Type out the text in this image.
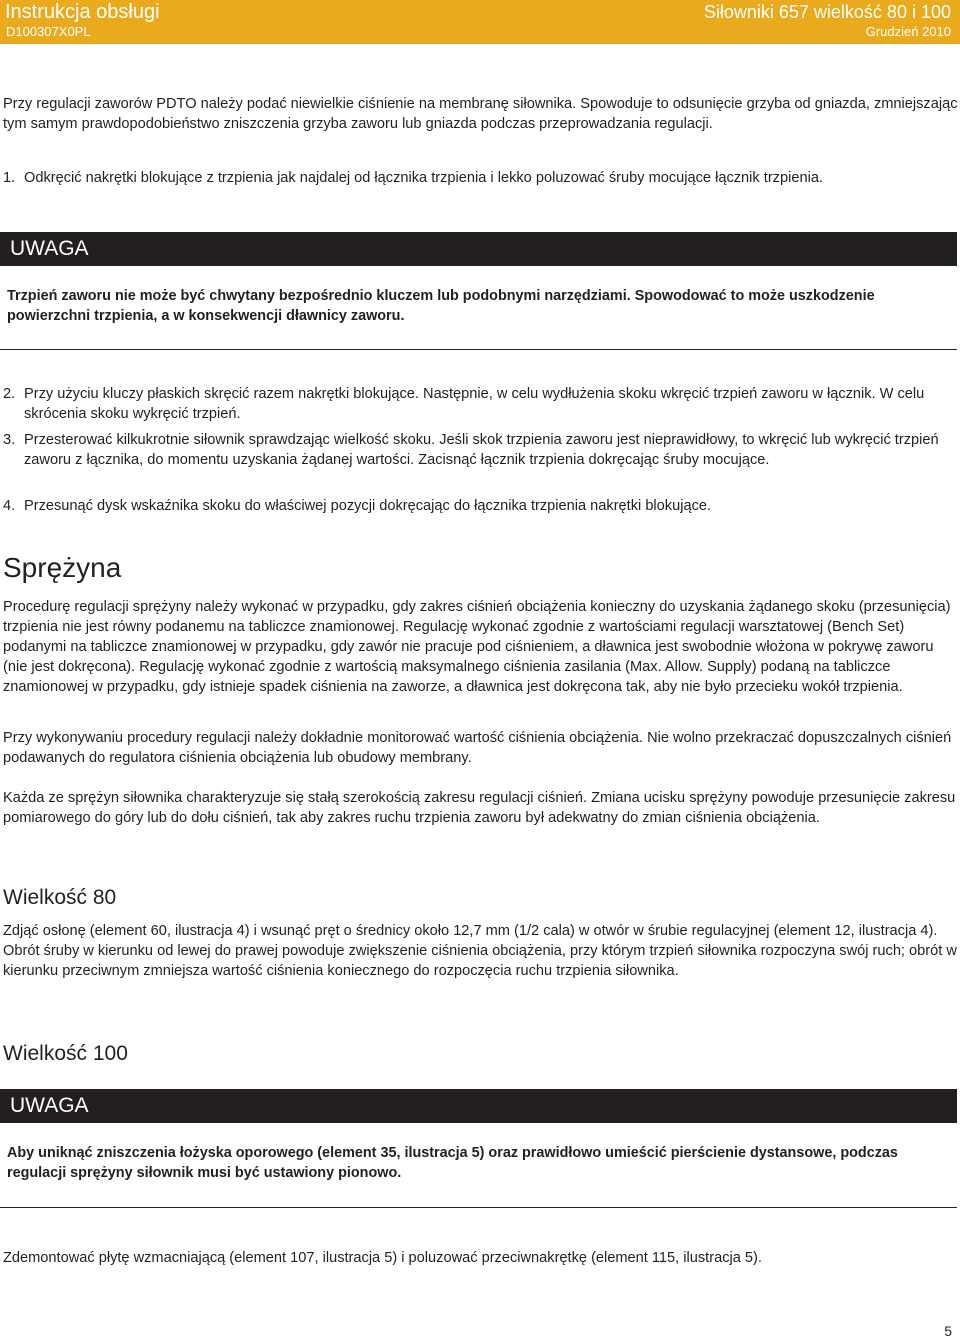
Instrukcja obsługi
D100307X0PL
Siłowniki 657 wielkość 80 i 100
Grudzień 2010

Przy regulacji zaworów PDTO należy podać niewielkie ciśnienie na membranę siłownika. Spowoduje to odsunięcie grzyba od gniazda, zmniejszając tym samym prawdopodobieństwo zniszczenia grzyba zaworu lub gniazda podczas przeprowadzania regulacji.

1. Odkręcić nakrętki blokujące z trzpienia jak najdalej od łącznika trzpienia i lekko poluzować śruby mocujące łącznik trzpienia.
UWAGA

Trzpień zaworu nie może być chwytany bezpośrednio kluczem lub podobnymi narzędziami. Spowodować to może uszkodzenie powierzchni trzpienia, a w konsekwencji dławnicy zaworu.

2. Przy użyciu kluczy płaskich skręcić razem nakrętki blokujące. Następnie, w celu wydłużenia skoku wkręcić trzpień zaworu w łącznik. W celu skrócenia skoku wykręcić trzpień.
3. Przesterować kilkukrotnie siłownik sprawdzając wielkość skoku. Jeśli skok trzpienia zaworu jest nieprawidłowy, to wkręcić lub wykręcić trzpień zaworu z łącznika, do momentu uzyskania żądanej wartości. Zacisnąć łącznik trzpienia dokręcając śruby mocujące.
4. Przesunąć dysk wskaźnika skoku do właściwej pozycji dokręcając do łącznika trzpienia nakrętki blokujące.
Sprężyna

Procedurę regulacji sprężyny należy wykonać w przypadku, gdy zakres ciśnień obciążenia konieczny do uzyskania żądanego skoku (przesunięcia) trzpienia nie jest równy podanemu na tabliczce znamionowej. Regulację wykonać zgodnie z wartościami regulacji warsztatowej (Bench Set) podanymi na tabliczce znamionowej w przypadku, gdy zawór nie pracuje pod ciśnieniem, a dławnica jest swobodnie włożona w pokrywę zaworu (nie jest dokręcona). Regulację wykonać zgodnie z wartością maksymalnego ciśnienia zasilania (Max. Allow. Supply) podaną na tabliczce znamionowej w przypadku, gdy istnieje spadek ciśnienia na zaworze, a dławnica jest dokręcona tak, aby nie było przecieku wokół trzpienia.

Przy wykonywaniu procedury regulacji należy dokładnie monitorować wartość ciśnienia obciążenia. Nie wolno przekraczać dopuszczalnych ciśnień podawanych do regulatora ciśnienia obciążenia lub obudowy membrany.

Każda ze sprężyn siłownika charakteryzuje się stałą szerokością zakresu regulacji ciśnień. Zmiana ucisku sprężyny powoduje przesunięcie zakresu pomiarowego do góry lub do dołu ciśnień, tak aby zakres ruchu trzpienia zaworu był adekwatny do zmian ciśnienia obciążenia.

Wielkość 80

Zdjąć osłonę (element 60, ilustracja 4) i wsunąć pręt o średnicy około 12,7 mm (1/2 cala) w otwór w śrubie regulacyjnej (element 12, ilustracja 4). Obrót śruby w kierunku od lewej do prawej powoduje zwiększenie ciśnienia obciążenia, przy którym trzpień siłownika rozpoczyna swój ruch; obrót w kierunku przeciwnym zmniejsza wartość ciśnienia koniecznego do rozpoczęcia ruchu trzpienia siłownika.

Wielkość 100
UWAGA

Aby uniknąć zniszczenia łożyska oporowego (element 35, ilustracja 5) oraz prawidłowo umieścić pierścienie dystansowe, podczas regulacji sprężyny siłownik musi być ustawiony pionowo.

Zdemontować płytę wzmacniającą (element 107, ilustracja 5) i poluzować przeciwnakrętkę (element 115, ilustracja 5).

5
